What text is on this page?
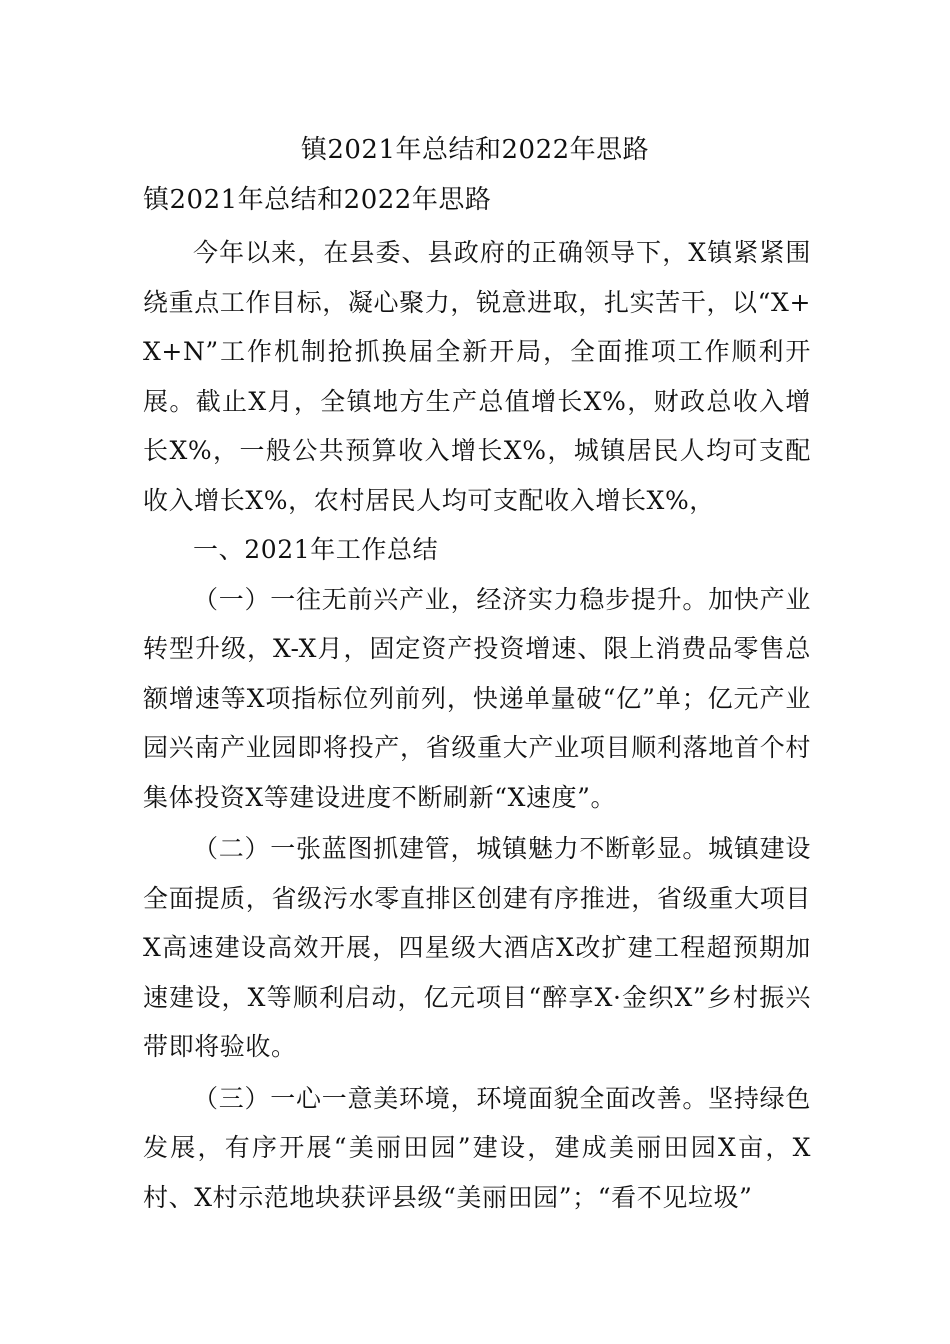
镇2021年总结和2022年思路
镇2021年总结和2022年思路

今年以来，在县委、县政府的正确领导下，X镇紧紧围绕重点工作目标，凝心聚力，锐意进取，扎实苦干，以“X+X+N”工作机制抢抓换届全新开局，全面推项工作顺利开展。截止X月，全镇地方生产总值增长X%，财政总收入增长X%，一般公共预算收入增长X%，城镇居民人均可支配收入增长X%，农村居民人均可支配收入增长X%，

一、2021年工作总结

（一）一往无前兴产业，经济实力稳步提升。加快产业转型升级，X-X月，固定资产投资增速、限上消费品零售总额增速等X项指标位列前列，快递单量破“亿”单；亿元产业园兴南产业园即将投产，省级重大产业项目顺利落地首个村集体投资X等建设进度不断刷新“X速度”。

（二）一张蓝图抓建管，城镇魅力不断彰显。城镇建设全面提质，省级污水零直排区创建有序推进，省级重大项目X高速建设高效开展，四星级大酒店X改扩建工程超预期加速建设，X等顺利启动，亿元项目“醉享X·金织X”乡村振兴带即将验收。

（三）一心一意美环境，环境面貌全面改善。坚持绿色发展，有序开展“美丽田园”建设，建成美丽田园X亩，X村、X村示范地块获评县级“美丽田园”；“看不见垃圾”
